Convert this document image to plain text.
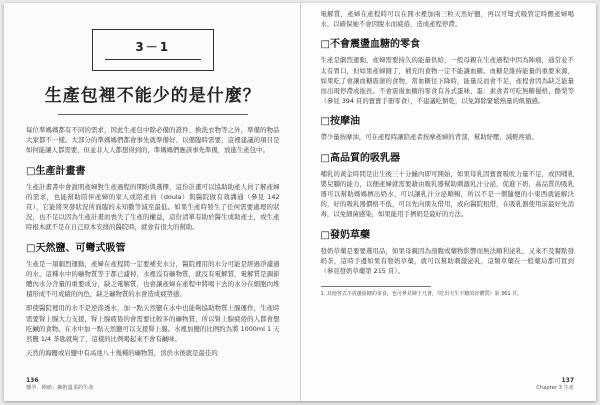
3－1
生產包裡不能少的是什麼？

每位準媽媽都有不同的需求，因此生產包中除必備的證件、換洗衣物等之外，準備的物品大家都不一樣。大部分的準媽媽們都會事先就準備好、以備臨時需要，這裡建議的項目是如何能讓人都需要，但並非人人都想得到的，準媽媽們應該事先準備，放進生產包中。

□生產計畫書

生產計畫書中會說明產婦對生產過程的期盼與選擇，這份計畫可以協助助產人員了解產婦的需求，也能幫助陪伴產婦的家人或陪產員（doula）與醫院做有效溝通（參見 142 頁），它能將突發狀況所面臨的未知數等減至最低。如果生產時發生了任何需要處理的狀況，也不足以因為生產計畫而喪失了生產的權益，這份清單有助於醫生或助產士，或生產時根本就不是在自己原本安排的醫院時，就會有很大的幫助。

□天然鹽、可彎式吸管

生產是一項劇烈運動，產婦在產程間一定要補充水分，醫院裡用的水分可能是經過淨濾過的水，這種水中的礦物質等于都已濾掉，水裡沒有礦物質，就沒有電解質，電解質是調節體內水分含量的重要成分，缺乏電解質，也會讓產婦在產程中將喝下去的水分在細胞內堆積形成不可成績的內色，缺乏礦物質的水會造成疲勞感。

即使醫院裡用的水不是逆滲透水，加一點天然鹽在水中也能夠協助物質上腺運作，生產時需要腎上腺大力支援，腎上腺疲倦的會需要比較多的礦物質，所以腎上腺疲倦的人都會想吃鹹的食物。在水中加一點天然鹽可以支援腎上腺。水裡加鹽的比例約為將 1000ml 1 天然鹽 1/4 茶匙就夠了，這樣的比例喝起來不會有鹹味。

天然的海鹽或岩鹽中有高達八十幾種的礦物質，溶於水後就是最佳的

136
懷孕．陣痛：擁抱溫柔的生產

電解質，產婦在產程時可以在開水裡加兩三粒天然好鹽，再以可彎式吸管定時餵產婦喝水，以確保她不會因脫水而疲倦，造成產程停滯。

□不會震盪血糖的零食

生產是劇烈運動，產婦需要持久的能量供給，一般母親在生產過程中因為陣痛，通常並不太有胃口，但如果產婦餓了，補充的食物一定不能讓血糖。血糖是維持能量的重要來源，如果吃了會讓血糖震盪的食物，當血糖往下降時，能量反而會不足，產程會因為缺乏能量而出現停滯或拖長。不會震盪血糖的零食有各式蛋味、蛋：素食者可吃無糖優格、酪梨等（參見 394 頁的寶寶手冊零食），不建議吃餅乾，以免卸除緊鬆熱量的飢餓感。

□按摩油

帶少量按摩油，可在產程時讓陪產者按摩產婦的背部，幫助紓壓，減輕疼痛。

□高品質的吸乳器

哺乳的黃金時間是出生後三十分鐘內即可開始，如果母乳因寶寶吸吮力量不足，或因哺乳嬰兒腳的能力，以便產婦就需要藉由吸乳器幫助刺激乳汁分泌，促進下奶，高品質的吸乳器可以幫助媽媽擠出奶水，可以讓乳汁分泌順暢，所以不是一個隨便的小東西就能解決的，好的吸乳器價格不低，可以先向朋友借用，或向醫院租借，在吸乳器使用前最好先消毒，以免細菌感染，如果能用手擠奶是最好的方法。

□發奶草藥

發奶草藥是要要選用品，如果母親因為剖腹或藥物影響而無法順利泌乳，又來不及餐點發奶茶，這時手邊如果有發奶草藥，就可以幫助刺激泌乳，這類草藥在一般藥局都可買到（參見發奶草藥第 215 頁）。

1. 其他各式不震盪血糖的零食，也可參見陳于凡著，《吃出天生不糖的好體質》第 361 頁。
137
Chapter 3 生產
